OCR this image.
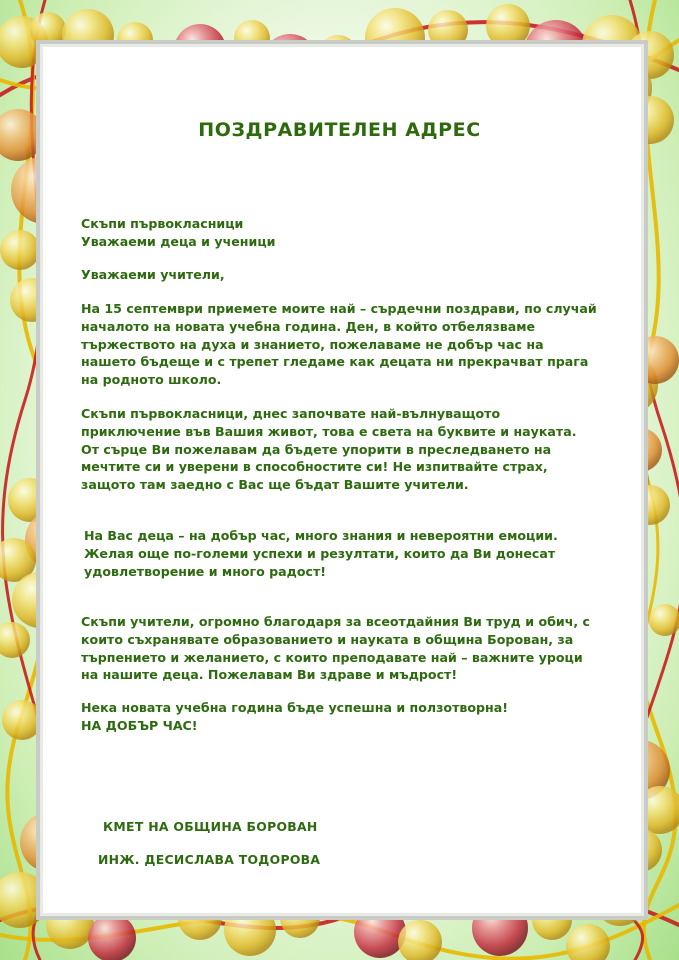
ПОЗДРАВИТЕЛЕН АДРЕС
Скъпи първокласници
Уважаеми деца и ученици
Уважаеми учители,

На 15 септември приемете моите най – сърдечни поздрави, по случай началото на новата учебна година. Ден, в който отбелязваме тържеството на духа и знанието, пожелаваме не добър час на нашето бъдеще и с трепет гледаме как децата ни прекрачват прага на родното школо.

Скъпи първокласници, днес започвате най-вълнуващото приключение във Вашия живот, това е света на буквите и науката. От сърце Ви пожелавам да бъдете упорити в преследването на мечтите си и уверени в способностите си! Не изпитвайте страх, защото там заедно с Вас ще бъдат Вашите учители.

На Вас деца – на добър час, много знания и невероятни емоции. Желая още по-големи успехи и резултати, които да Ви донесат удовлетворение и много радост!

Скъпи учители, огромно благодаря за всеотдайния Ви труд и обич, с които съхранявате образованието и науката в община Борован, за търпението и желанието, с които преподавате най – важните уроци на нашите деца. Пожелавам Ви здраве и мъдрост!

Нека новата учебна година бъде успешна и ползотворна!

НА ДОБЪР ЧАС!
КМЕТ НА ОБЩИНА БОРОВАН
ИНЖ. ДЕСИСЛАВА ТОДОРОВА
